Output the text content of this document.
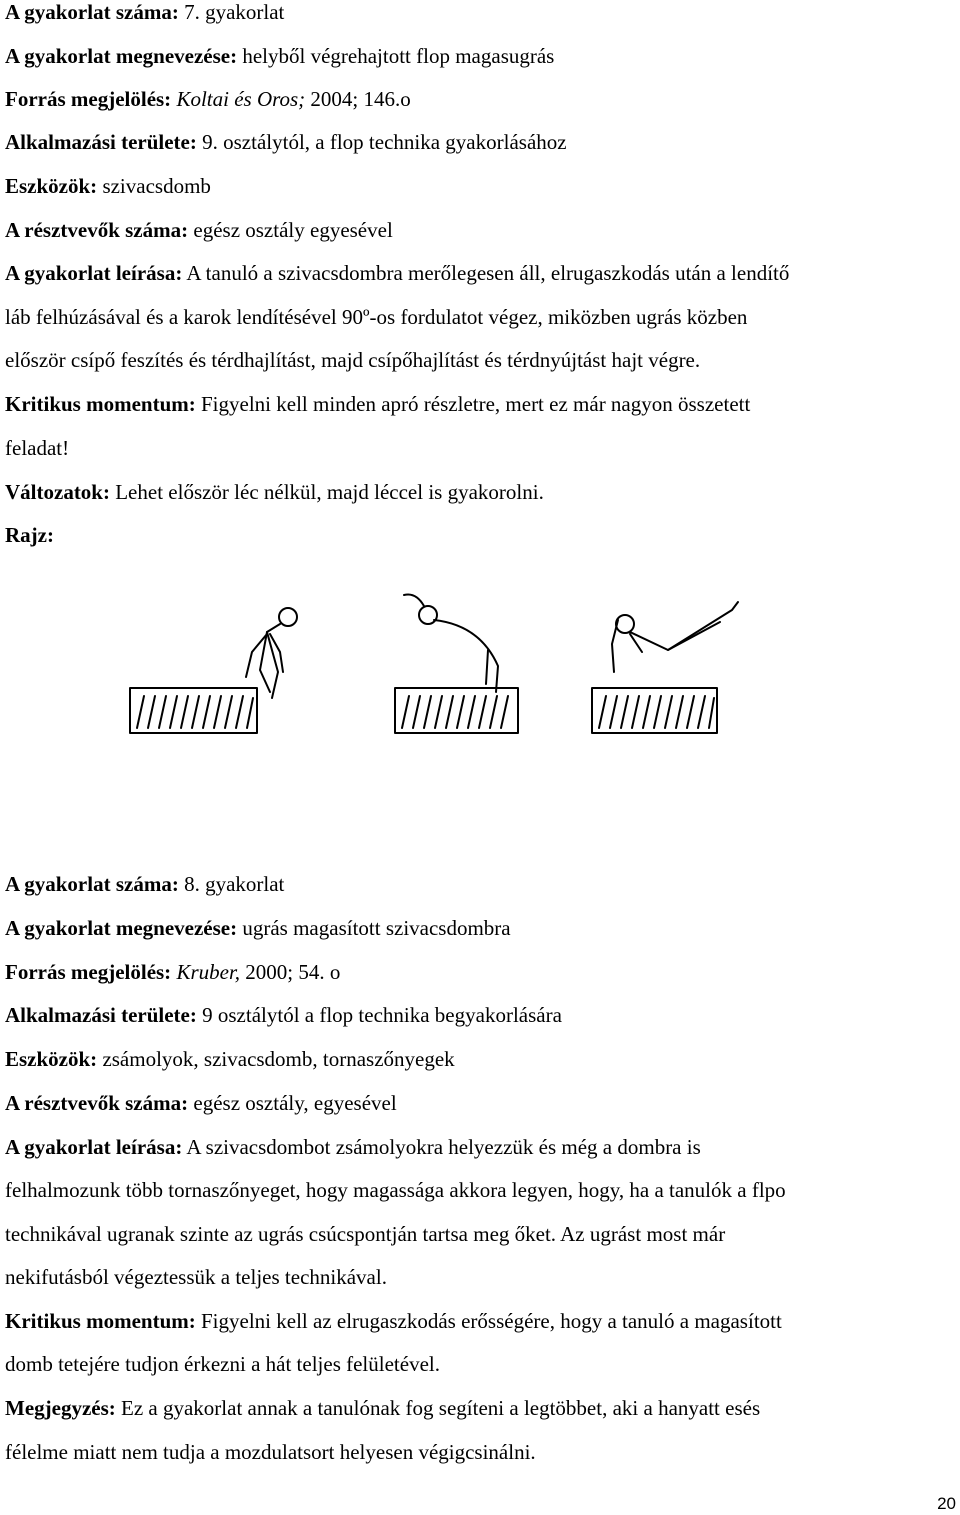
A gyakorlat száma: 7. gyakorlat
A gyakorlat megnevezése: helyből végrehajtott flop magasugrás
Forrás megjelölés: Koltai és Oros; 2004; 146.o
Alkalmazási területe: 9. osztálytól, a flop technika gyakorlásához
Eszközök: szivacsdomb
A résztvevők száma: egész osztály egyesével
A gyakorlat leírása: A tanuló a szivacsdombra merőlegesen áll, elrugaszkodás után a lendítő
láb felhúzásával és a karok lendítésével 90º-os fordulatot végez, miközben ugrás közben
először csípő feszítés és térdhajlítást, majd csípőhajlítást és térdnyújtást hajt végre.
Kritikus momentum: Figyelni kell minden apró részletre, mert ez már nagyon összetett
feladat!
Változatok: Lehet először léc nélkül, majd léccel is gyakorolni.
Rajz:
A gyakorlat száma: 8. gyakorlat
A gyakorlat megnevezése: ugrás magasított szivacsdombra
Forrás megjelölés: Kruber, 2000; 54. o
Alkalmazási területe: 9 osztálytól a flop technika begyakorlására
Eszközök: zsámolyok, szivacsdomb, tornaszőnyegek
A résztvevők száma: egész osztály, egyesével
A gyakorlat leírása: A szivacsdombot zsámolyokra helyezzük és még a dombra is
felhalmozunk több tornaszőnyeget, hogy magassága akkora legyen, hogy, ha a tanulók a flpo
technikával ugranak szinte az ugrás csúcspontján tartsa meg őket. Az ugrást most már
nekifutásból végeztessük a teljes technikával.
Kritikus momentum: Figyelni kell az elrugaszkodás erősségére, hogy a tanuló a magasított
domb tetejére tudjon érkezni a hát teljes felületével.
Megjegyzés: Ez a gyakorlat annak a tanulónak fog segíteni a legtöbbet, aki a hanyatt esés
félelme miatt nem tudja a mozdulatsort helyesen végigcsinálni.
20
